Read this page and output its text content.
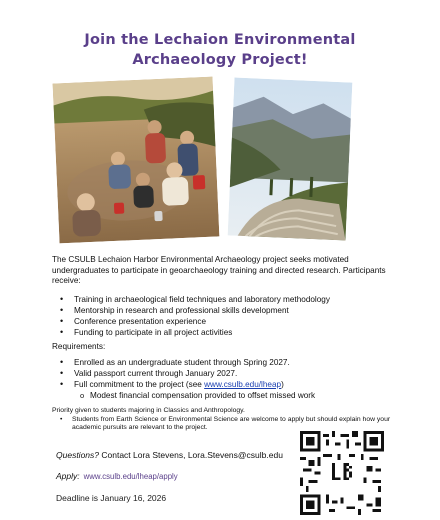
Join the Lechaion Environmental
Archaeology Project!
The CSULB Lechaion Harbor Environmental Archaeology project seeks motivated undergraduates to participate in geoarchaeology training and directed research. Participants receive:
• Training in archaeological field techniques and laboratory methodology
• Mentorship in research and professional skills development
• Conference presentation experience
• Funding to participate in all project activities
Requirements:
• Enrolled as an undergraduate student through Spring 2027.
• Valid passport current through January 2027.
• Full commitment to the project (see www.csulb.edu/lheap)
o Modest financial compensation provided to offset missed work
Priority given to students majoring in Classics and Anthropology.
• Students from Earth Science or Environmental Science are welcome to apply but should explain how your academic pursuits are relevant to the project.
Questions? Contact Lora Stevens, Lora.Stevens@csulb.edu
Apply: www.csulb.edu/lheap/apply
Deadline is January 16, 2026
